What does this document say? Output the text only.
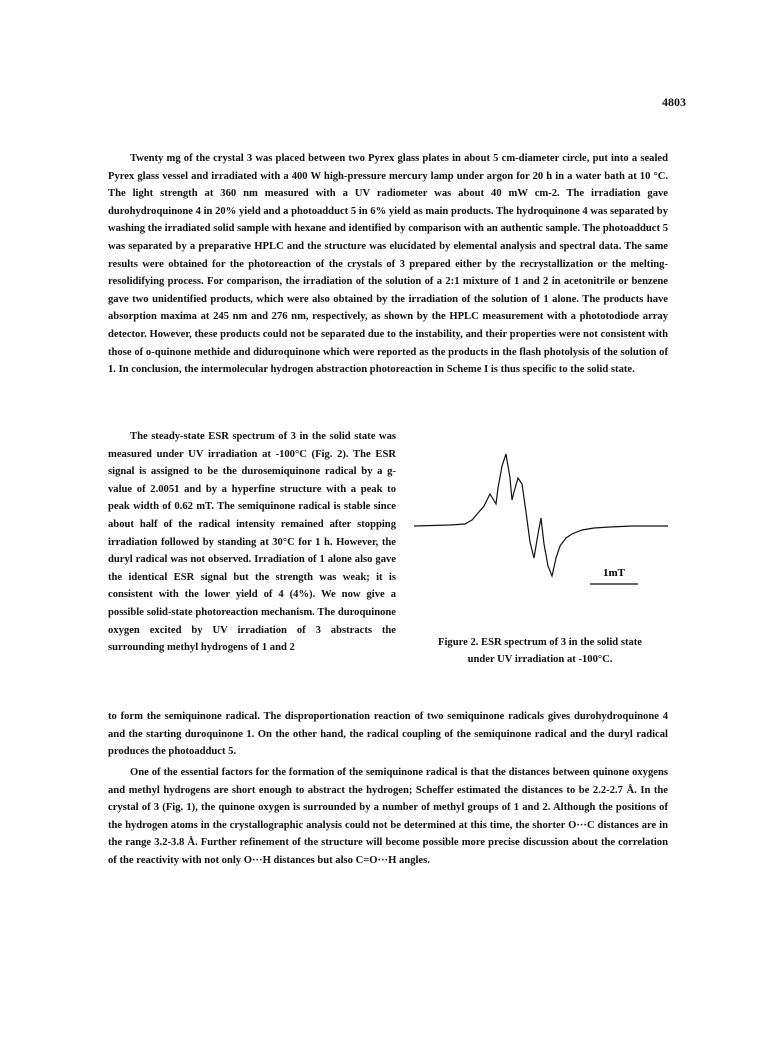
4803
Twenty mg of the crystal 3 was placed between two Pyrex glass plates in about 5 cm-diameter circle, put into a sealed Pyrex glass vessel and irradiated with a 400 W high-pressure mercury lamp under argon for 20 h in a water bath at 10 °C. The light strength at 360 nm measured with a UV radiometer was about 40 mW cm-2. The irradiation gave durohydroquinone 4 in 20% yield and a photoadduct 5 in 6% yield as main products. The hydroquinone 4 was separated by washing the irradiated solid sample with hexane and identified by comparison with an authentic sample. The photoadduct 5 was separated by a preparative HPLC and the structure was elucidated by elemental analysis and spectral data. The same results were obtained for the photoreaction of the crystals of 3 prepared either by the recrystallization or the melting-resolidifying process. For comparison, the irradiation of the solution of a 2:1 mixture of 1 and 2 in acetonitrile or benzene gave two unidentified products, which were also obtained by the irradiation of the solution of 1 alone. The products have absorption maxima at 245 nm and 276 nm, respectively, as shown by the HPLC measurement with a phototodiode array detector. However, these products could not be separated due to the instability, and their properties were not consistent with those of o-quinone methide and diduroquinone which were reported as the products in the flash photolysis of the solution of 1. In conclusion, the intermolecular hydrogen abstraction photoreaction in Scheme I is thus specific to the solid state.
The steady-state ESR spectrum of 3 in the solid state was measured under UV irradiation at -100°C (Fig. 2). The ESR signal is assigned to be the durosemiquinone radical by a g-value of 2.0051 and by a hyperfine structure with a peak to peak width of 0.62 mT. The semiquinone radical is stable since about half of the radical intensity remained after stopping irradiation followed by standing at 30°C for 1 h. However, the duryl radical was not observed. Irradiation of 1 alone also gave the identical ESR signal but the strength was weak; it is consistent with the lower yield of 4 (4%). We now give a possible solid-state photoreaction mechanism. The duroquinone oxygen excited by UV irradiation of 3 abstracts the surrounding methyl hydrogens of 1 and 2
1mT
Figure 2. ESR spectrum of 3 in the solid state
under UV irradiation at -100°C.
to form the semiquinone radical. The disproportionation reaction of two semiquinone radicals gives durohydroquinone 4 and the starting duroquinone 1. On the other hand, the radical coupling of the semiquinone radical and the duryl radical produces the photoadduct 5.
One of the essential factors for the formation of the semiquinone radical is that the distances between quinone oxygens and methyl hydrogens are short enough to abstract the hydrogen; Scheffer estimated the distances to be 2.2-2.7 Å. In the crystal of 3 (Fig. 1), the quinone oxygen is surrounded by a number of methyl groups of 1 and 2. Although the positions of the hydrogen atoms in the crystallographic analysis could not be determined at this time, the shorter O···C distances are in the range 3.2-3.8 Å. Further refinement of the structure will become possible more precise discussion about the correlation of the reactivity with not only O···H distances but also C=O···H angles.
